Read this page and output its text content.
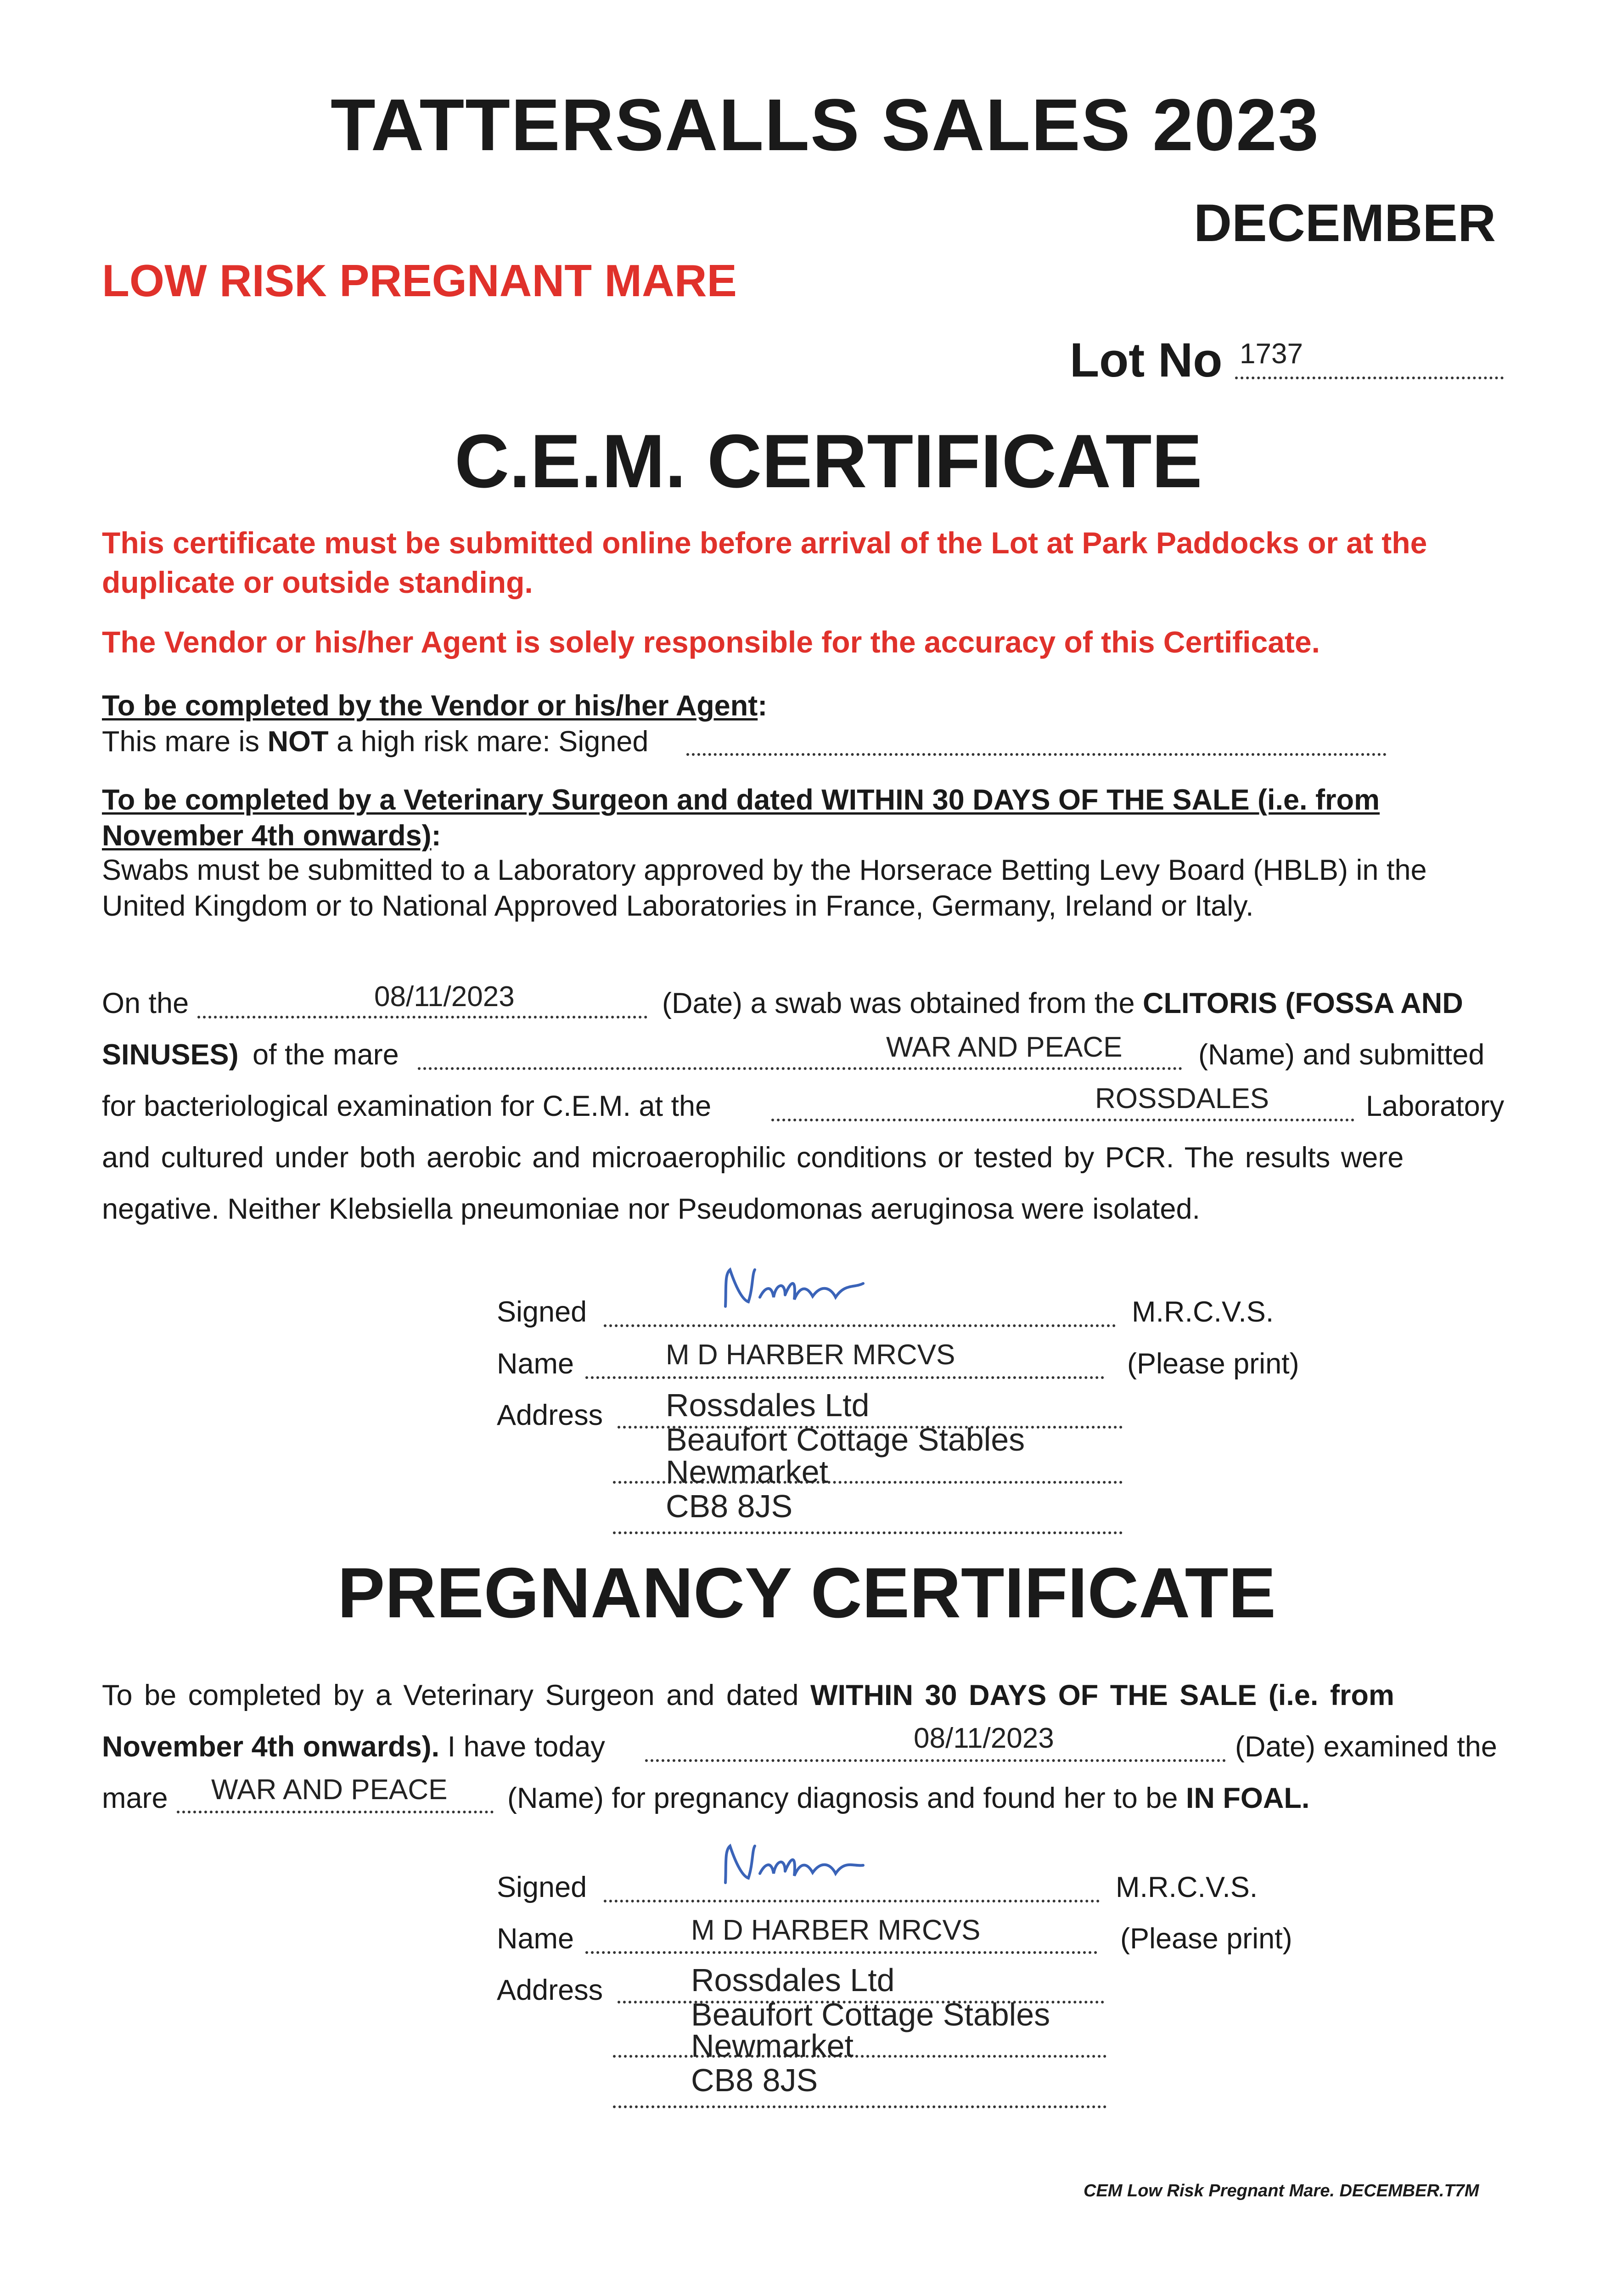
TATTERSALLS SALES 2023
DECEMBER
LOW RISK PREGNANT MARE
Lot No 1737
C.E.M. CERTIFICATE
This certificate must be submitted online before arrival of the Lot at Park Paddocks or at the duplicate or outside standing.
The Vendor or his/her Agent is solely responsible for the accuracy of this Certificate.
To be completed by the Vendor or his/her Agent:
This mare is NOT a high risk mare: Signed
To be completed by a Veterinary Surgeon and dated WITHIN 30 DAYS OF THE SALE (i.e. from
November 4th onwards):
Swabs must be submitted to a Laboratory approved by the Horserace Betting Levy Board (HBLB) in the
United Kingdom or to National Approved Laboratories in France, Germany, Ireland or Italy.
On the	08/11/2023	(Date) a swab was obtained from the CLITORIS (FOSSA AND
SINUSES) of the mare	WAR AND PEACE	(Name) and submitted
for bacteriological examination for C.E.M. at the	ROSSDALES	Laboratory
and cultured under both aerobic and microaerophilic conditions or tested by PCR. The results were
negative. Neither Klebsiella pneumoniae nor Pseudomonas aeruginosa were isolated.
Signed	M.R.C.V.S.
Name	M D HARBER MRCVS	(Please print)
Address Rossdales Ltd
Beaufort Cottage Stables
Newmarket
CB8 8JS
PREGNANCY CERTIFICATE
To be completed by a Veterinary Surgeon and dated WITHIN 30 DAYS OF THE SALE (i.e. from
November 4th onwards). I have today	08/11/2023	(Date) examined the
mare WAR AND PEACE (Name) for pregnancy diagnosis and found her to be IN FOAL.
Signed	M.R.C.V.S.
Name	M D HARBER MRCVS	(Please print)
Address	Rossdales Ltd
Beaufort Cottage Stables
Newmarket
CB8 8JS
CEM Low Risk Pregnant Mare. DECEMBER.T7M
